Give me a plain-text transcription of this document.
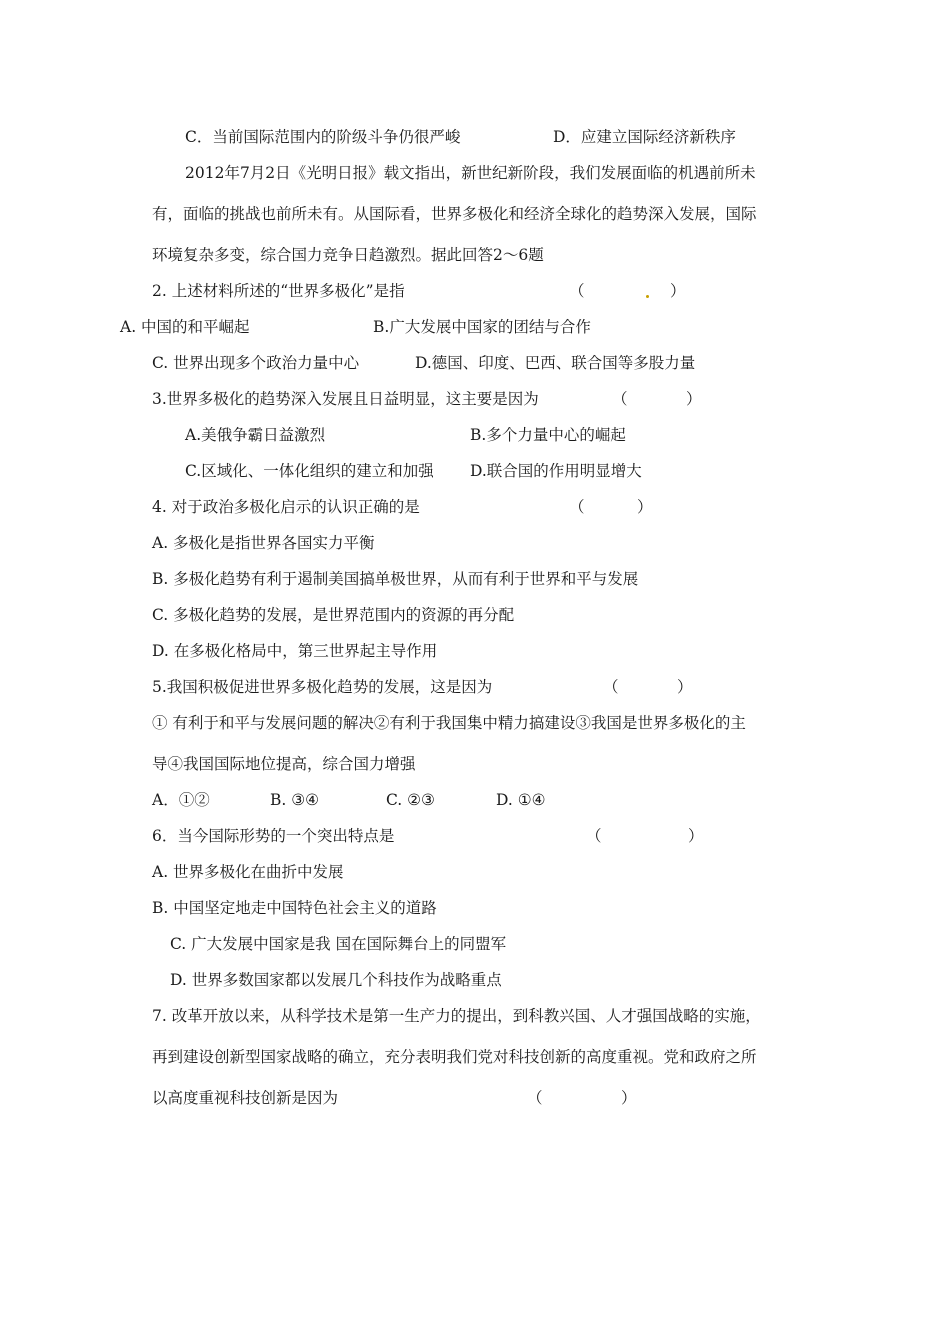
C．当前国际范围内的阶级斗争仍很严峻	D．应建立国际经济新秩序
2012年7月2日《光明日报》载文指出，新世纪新阶段，我们发展面临的机遇前所未
有，面临的挑战也前所未有。从国际看，世界多极化和经济全球化的趋势深入发展，国际
环境复杂多变，综合国力竞争日趋激烈。据此回答2～6题
2. 上述材料所述的“世界多极化”是指	（	）
A. 中国的和平崛起	B.广大发展中国家的团结与合作
C. 世界出现多个政治力量中心	D.德国、印度、巴西、联合国等多股力量
3.世界多极化的趋势深入发展且日益明显，这主要是因为	（	）
A.美俄争霸日益激烈	B.多个力量中心的崛起
C.区域化、一体化组织的建立和加强 D.联合国的作用明显增大
4. 对于政治多极化启示的认识正确的是	（	）
A. 多极化是指世界各国实力平衡
B. 多极化趋势有利于遏制美国搞单极世界，从而有利于世界和平与发展
C. 多极化趋势的发展，是世界范围内的资源的再分配
D. 在多极化格局中，第三世界起主导作用
5.我国积极促进世界多极化趋势的发展，这是因为	（	）
① 有利于和平与发展问题的解决②有利于我国集中精力搞建设③我国是世界多极化的主
导④我国国际地位提高，综合国力增强
A．①②	B. ③④	C. ②③	D. ①④
6．当今国际形势的一个突出特点是	（	）
A. 世界多极化在曲折中发展
B. 中国坚定地走中国特色社会主义的道路
C. 广大发展中国家是我 国在国际舞台上的同盟军
D. 世界多数国家都以发展几个科技作为战略重点
7. 改革开放以来，从科学技术是第一生产力的提出，到科教兴国、人才强国战略的实施，
再到建设创新型国家战略的确立，充分表明我们党对科技创新的高度重视。党和政府之所
以高度重视科技创新是因为	（	）
